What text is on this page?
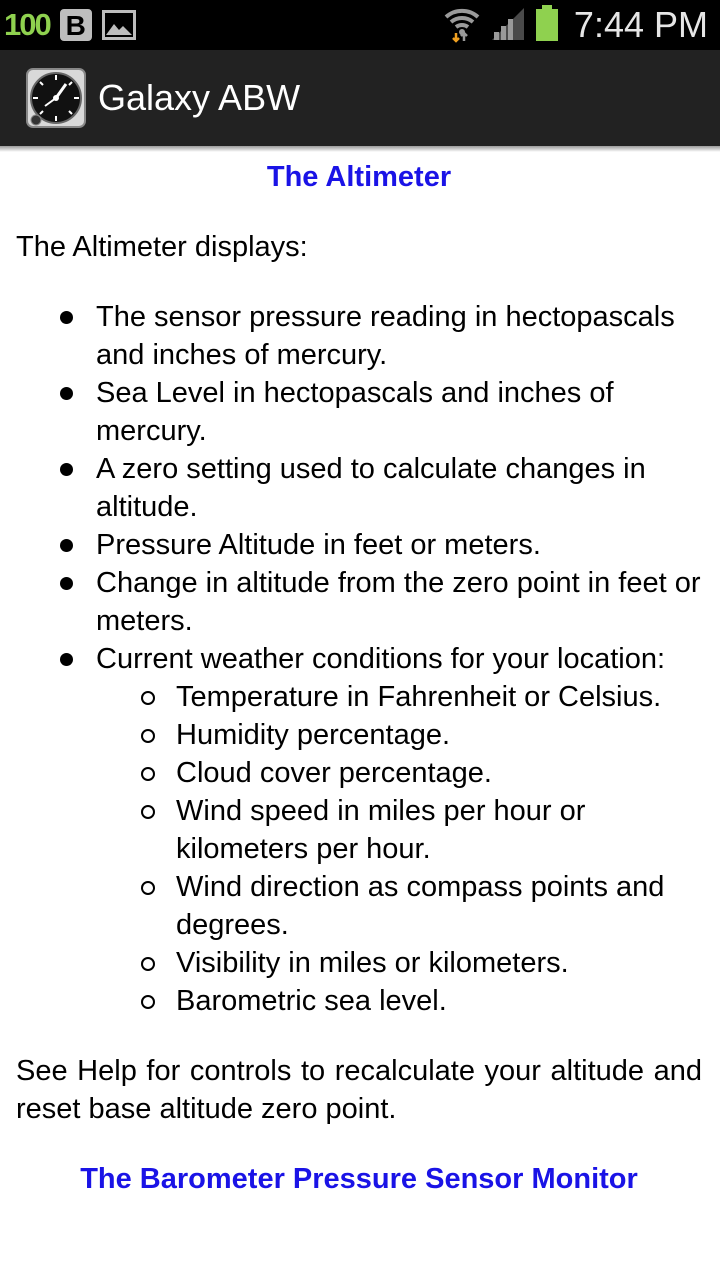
100 B	7:44 PM
Galaxy ABW
The Altimeter
The Altimeter displays:
The sensor pressure reading in hectopascals and inches of mercury.
Sea Level in hectopascals and inches of mercury.
A zero setting used to calculate changes in altitude.
Pressure Altitude in feet or meters.
Change in altitude from the zero point in feet or meters.
Current weather conditions for your location:
Temperature in Fahrenheit or Celsius.
Humidity percentage.
Cloud cover percentage.
Wind speed in miles per hour or kilometers per hour.
Wind direction as compass points and degrees.
Visibility in miles or kilometers.
Barometric sea level.
See Help for controls to recalculate your altitude and reset base altitude zero point.
The Barometer Pressure Sensor Monitor
